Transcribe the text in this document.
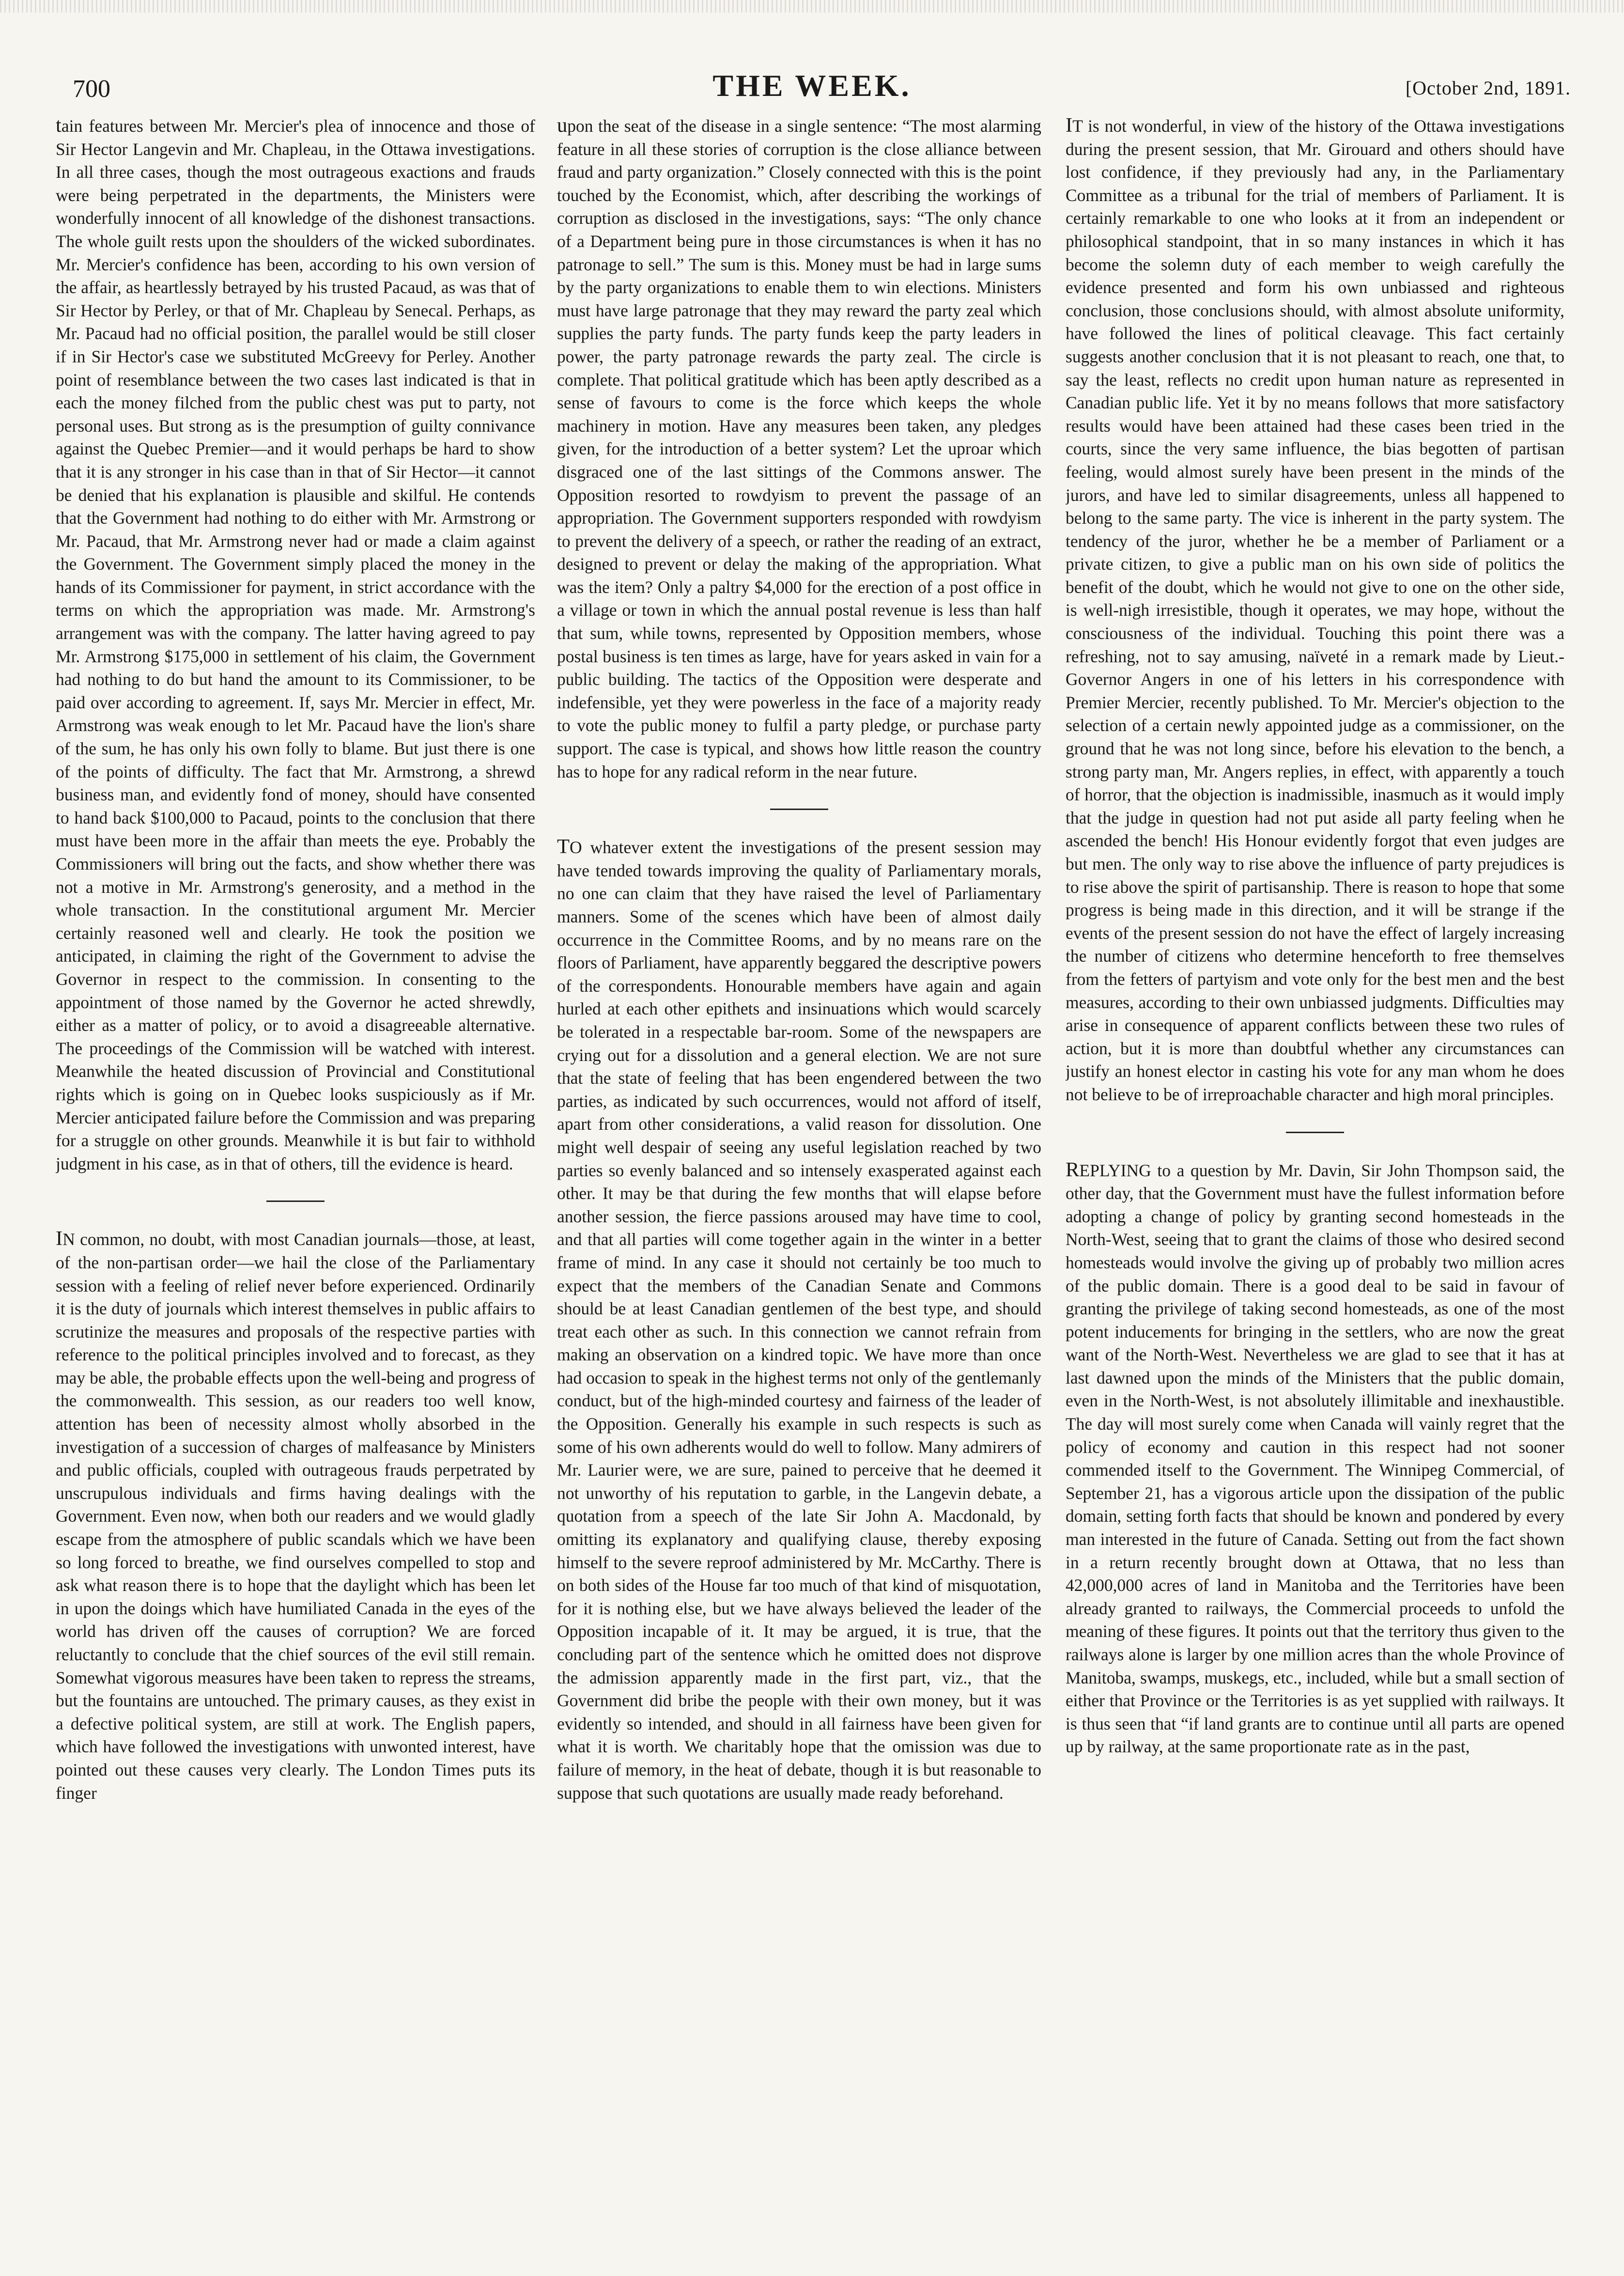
700	THE WEEK.	[October 2nd, 1891.

tain features between Mr. Mercier's plea of innocence and those of Sir Hector Langevin and Mr. Chapleau, in the Ottawa investigations. In all three cases, though the most outrageous exactions and frauds were being perpetrated in the departments, the Ministers were wonderfully innocent of all knowledge of the dishonest transactions. The whole guilt rests upon the shoulders of the wicked subordinates. Mr. Mercier's confidence has been, according to his own version of the affair, as heartlessly betrayed by his trusted Pacaud, as was that of Sir Hector by Perley, or that of Mr. Chapleau by Senecal. Perhaps, as Mr. Pacaud had no official position, the parallel would be still closer if in Sir Hector's case we substituted McGreevy for Perley. Another point of resemblance between the two cases last indicated is that in each the money filched from the public chest was put to party, not personal uses. But strong as is the presumption of guilty connivance against the Quebec Premier—and it would perhaps be hard to show that it is any stronger in his case than in that of Sir Hector—it cannot be denied that his explanation is plausible and skilful. He contends that the Government had nothing to do either with Mr. Armstrong or Mr. Pacaud, that Mr. Armstrong never had or made a claim against the Government. The Government simply placed the money in the hands of its Commissioner for payment, in strict accordance with the terms on which the appropriation was made. Mr. Armstrong's arrangement was with the company. The latter having agreed to pay Mr. Armstrong $175,000 in settlement of his claim, the Government had nothing to do but hand the amount to its Commissioner, to be paid over according to agreement. If, says Mr. Mercier in effect, Mr. Armstrong was weak enough to let Mr. Pacaud have the lion's share of the sum, he has only his own folly to blame. But just there is one of the points of difficulty. The fact that Mr. Armstrong, a shrewd business man, and evidently fond of money, should have consented to hand back $100,000 to Pacaud, points to the conclusion that there must have been more in the affair than meets the eye. Probably the Commissioners will bring out the facts, and show whether there was not a motive in Mr. Armstrong's generosity, and a method in the whole transaction. In the constitutional argument Mr. Mercier certainly reasoned well and clearly. He took the position we anticipated, in claiming the right of the Government to advise the Governor in respect to the commission. In consenting to the appointment of those named by the Governor he acted shrewdly, either as a matter of policy, or to avoid a disagreeable alternative. The proceedings of the Commission will be watched with interest. Meanwhile the heated discussion of Provincial and Constitutional rights which is going on in Quebec looks suspiciously as if Mr. Mercier anticipated failure before the Commission and was preparing for a struggle on other grounds. Meanwhile it is but fair to withhold judgment in his case, as in that of others, till the evidence is heard.

IN common, no doubt, with most Canadian journals—those, at least, of the non-partisan order—we hail the close of the Parliamentary session with a feeling of relief never before experienced. Ordinarily it is the duty of journals which interest themselves in public affairs to scrutinize the measures and proposals of the respective parties with reference to the political principles involved and to forecast, as they may be able, the probable effects upon the well-being and progress of the commonwealth. This session, as our readers too well know, attention has been of necessity almost wholly absorbed in the investigation of a succession of charges of malfeasance by Ministers and public officials, coupled with outrageous frauds perpetrated by unscrupulous individuals and firms having dealings with the Government. Even now, when both our readers and we would gladly escape from the atmosphere of public scandals which we have been so long forced to breathe, we find ourselves compelled to stop and ask what reason there is to hope that the daylight which has been let in upon the doings which have humiliated Canada in the eyes of the world has driven off the causes of corruption? We are forced reluctantly to conclude that the chief sources of the evil still remain. Somewhat vigorous measures have been taken to repress the streams, but the fountains are untouched. The primary causes, as they exist in a defective political system, are still at work. The English papers, which have followed the investigations with unwonted interest, have pointed out these causes very clearly. The London Times puts its finger

upon the seat of the disease in a single sentence: “The most alarming feature in all these stories of corruption is the close alliance between fraud and party organization.” Closely connected with this is the point touched by the Economist, which, after describing the workings of corruption as disclosed in the investigations, says: “The only chance of a Department being pure in those circumstances is when it has no patronage to sell.” The sum is this. Money must be had in large sums by the party organizations to enable them to win elections. Ministers must have large patronage that they may reward the party zeal which supplies the party funds. The party funds keep the party leaders in power, the party patronage rewards the party zeal. The circle is complete. That political gratitude which has been aptly described as a sense of favours to come is the force which keeps the whole machinery in motion. Have any measures been taken, any pledges given, for the introduction of a better system? Let the uproar which disgraced one of the last sittings of the Commons answer. The Opposition resorted to rowdyism to prevent the passage of an appropriation. The Government supporters responded with rowdyism to prevent the delivery of a speech, or rather the reading of an extract, designed to prevent or delay the making of the appropriation. What was the item? Only a paltry $4,000 for the erection of a post office in a village or town in which the annual postal revenue is less than half that sum, while towns, represented by Opposition members, whose postal business is ten times as large, have for years asked in vain for a public building. The tactics of the Opposition were desperate and indefensible, yet they were powerless in the face of a majority ready to vote the public money to fulfil a party pledge, or purchase party support. The case is typical, and shows how little reason the country has to hope for any radical reform in the near future.

TO whatever extent the investigations of the present session may have tended towards improving the quality of Parliamentary morals, no one can claim that they have raised the level of Parliamentary manners. Some of the scenes which have been of almost daily occurrence in the Committee Rooms, and by no means rare on the floors of Parliament, have apparently beggared the descriptive powers of the correspondents. Honourable members have again and again hurled at each other epithets and insinuations which would scarcely be tolerated in a respectable bar-room. Some of the newspapers are crying out for a dissolution and a general election. We are not sure that the state of feeling that has been engendered between the two parties, as indicated by such occurrences, would not afford of itself, apart from other considerations, a valid reason for dissolution. One might well despair of seeing any useful legislation reached by two parties so evenly balanced and so intensely exasperated against each other. It may be that during the few months that will elapse before another session, the fierce passions aroused may have time to cool, and that all parties will come together again in the winter in a better frame of mind. In any case it should not certainly be too much to expect that the members of the Canadian Senate and Commons should be at least Canadian gentlemen of the best type, and should treat each other as such. In this connection we cannot refrain from making an observation on a kindred topic. We have more than once had occasion to speak in the highest terms not only of the gentlemanly conduct, but of the high-minded courtesy and fairness of the leader of the Opposition. Generally his example in such respects is such as some of his own adherents would do well to follow. Many admirers of Mr. Laurier were, we are sure, pained to perceive that he deemed it not unworthy of his reputation to garble, in the Langevin debate, a quotation from a speech of the late Sir John A. Macdonald, by omitting its explanatory and qualifying clause, thereby exposing himself to the severe reproof administered by Mr. McCarthy. There is on both sides of the House far too much of that kind of misquotation, for it is nothing else, but we have always believed the leader of the Opposition incapable of it. It may be argued, it is true, that the concluding part of the sentence which he omitted does not disprove the admission apparently made in the first part, viz., that the Government did bribe the people with their own money, but it was evidently so intended, and should in all fairness have been given for what it is worth. We charitably hope that the omission was due to failure of memory, in the heat of debate, though it is but reasonable to suppose that such quotations are usually made ready beforehand.

IT is not wonderful, in view of the history of the Ottawa investigations during the present session, that Mr. Girouard and others should have lost confidence, if they previously had any, in the Parliamentary Committee as a tribunal for the trial of members of Parliament. It is certainly remarkable to one who looks at it from an independent or philosophical standpoint, that in so many instances in which it has become the solemn duty of each member to weigh carefully the evidence presented and form his own unbiassed and righteous conclusion, those conclusions should, with almost absolute uniformity, have followed the lines of political cleavage. This fact certainly suggests another conclusion that it is not pleasant to reach, one that, to say the least, reflects no credit upon human nature as represented in Canadian public life. Yet it by no means follows that more satisfactory results would have been attained had these cases been tried in the courts, since the very same influence, the bias begotten of partisan feeling, would almost surely have been present in the minds of the jurors, and have led to similar disagreements, unless all happened to belong to the same party. The vice is inherent in the party system. The tendency of the juror, whether he be a member of Parliament or a private citizen, to give a public man on his own side of politics the benefit of the doubt, which he would not give to one on the other side, is well-nigh irresistible, though it operates, we may hope, without the consciousness of the individual. Touching this point there was a refreshing, not to say amusing, naïveté in a remark made by Lieut.-Governor Angers in one of his letters in his correspondence with Premier Mercier, recently published. To Mr. Mercier's objection to the selection of a certain newly appointed judge as a commissioner, on the ground that he was not long since, before his elevation to the bench, a strong party man, Mr. Angers replies, in effect, with apparently a touch of horror, that the objection is inadmissible, inasmuch as it would imply that the judge in question had not put aside all party feeling when he ascended the bench! His Honour evidently forgot that even judges are but men. The only way to rise above the influence of party prejudices is to rise above the spirit of partisanship. There is reason to hope that some progress is being made in this direction, and it will be strange if the events of the present session do not have the effect of largely increasing the number of citizens who determine henceforth to free themselves from the fetters of partyism and vote only for the best men and the best measures, according to their own unbiassed judgments. Difficulties may arise in consequence of apparent conflicts between these two rules of action, but it is more than doubtful whether any circumstances can justify an honest elector in casting his vote for any man whom he does not believe to be of irreproachable character and high moral principles.

REPLYING to a question by Mr. Davin, Sir John Thompson said, the other day, that the Government must have the fullest information before adopting a change of policy by granting second homesteads in the North-West, seeing that to grant the claims of those who desired second homesteads would involve the giving up of probably two million acres of the public domain. There is a good deal to be said in favour of granting the privilege of taking second homesteads, as one of the most potent inducements for bringing in the settlers, who are now the great want of the North-West. Nevertheless we are glad to see that it has at last dawned upon the minds of the Ministers that the public domain, even in the North-West, is not absolutely illimitable and inexhaustible. The day will most surely come when Canada will vainly regret that the policy of economy and caution in this respect had not sooner commended itself to the Government. The Winnipeg Commercial, of September 21, has a vigorous article upon the dissipation of the public domain, setting forth facts that should be known and pondered by every man interested in the future of Canada. Setting out from the fact shown in a return recently brought down at Ottawa, that no less than 42,000,000 acres of land in Manitoba and the Territories have been already granted to railways, the Commercial proceeds to unfold the meaning of these figures. It points out that the territory thus given to the railways alone is larger by one million acres than the whole Province of Manitoba, swamps, muskegs, etc., included, while but a small section of either that Province or the Territories is as yet supplied with railways. It is thus seen that “if land grants are to continue until all parts are opened up by railway, at the same proportionate rate as in the past,
